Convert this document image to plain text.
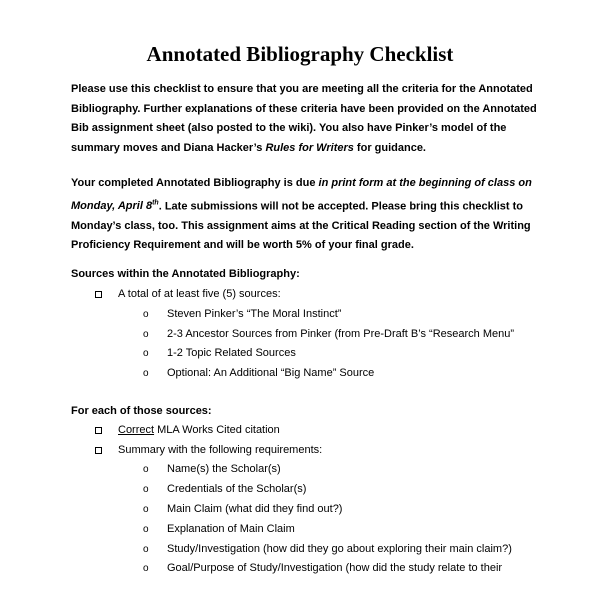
Annotated Bibliography Checklist

Please use this checklist to ensure that you are meeting all the criteria for the Annotated Bibliography. Further explanations of these criteria have been provided on the Annotated Bib assignment sheet (also posted to the wiki). You also have Pinker’s model of the summary moves and Diana Hacker’s Rules for Writers for guidance.

Your completed Annotated Bibliography is due in print form at the beginning of class on Monday, April 8th. Late submissions will not be accepted. Please bring this checklist to Monday’s class, too. This assignment aims at the Critical Reading section of the Writing Proficiency Requirement and will be worth 5% of your final grade.

Sources within the Annotated Bibliography:

A total of at least five (5) sources:
o	Steven Pinker’s “The Moral Instinct”
o	2-3 Ancestor Sources from Pinker (from Pre-Draft B’s “Research Menu”
o	1-2 Topic Related Sources
o	Optional: An Additional “Big Name” Source

For each of those sources:

Correct MLA Works Cited citation
Summary with the following requirements:
o	Name(s) the Scholar(s)
o	Credentials of the Scholar(s)
o	Main Claim (what did they find out?)
o	Explanation of Main Claim
o	Study/Investigation (how did they go about exploring their main claim?)
o	Goal/Purpose of Study/Investigation (how did the study relate to their
